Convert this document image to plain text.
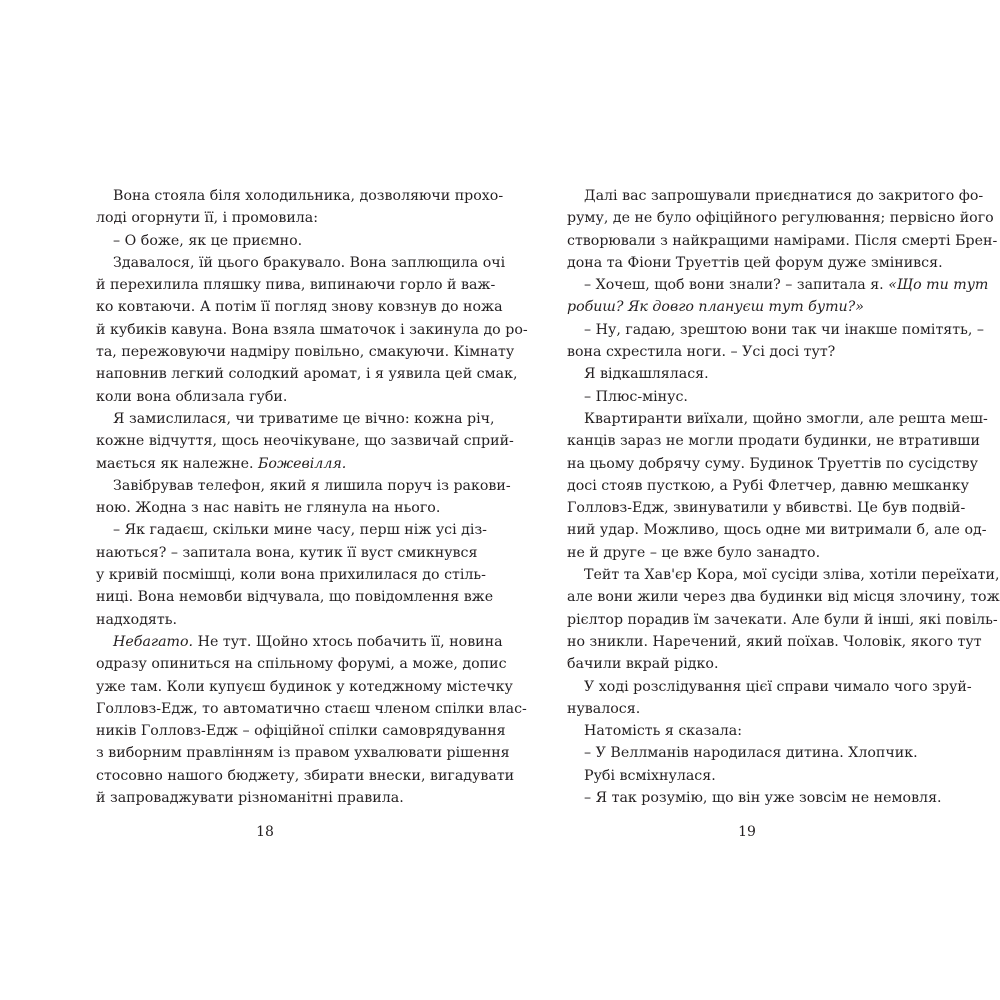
Вона стояла біля холодильника, дозволяючи прохо-
лоді огорнути її, і промовила:

– О боже, як це приємно.

Здавалося, їй цього бракувало. Вона заплющила очі
й перехилила пляшку пива, випинаючи горло й важ-
ко ковтаючи. А потім її погляд знову ковзнув до ножа
й кубиків кавуна. Вона взяла шматочок і закинула до ро-
та, пережовуючи надміру повільно, смакуючи. Кімнату
наповнив легкий солодкий аромат, і я уявила цей смак,
коли вона облизала губи.

Я замислилася, чи триватиме це вічно: кожна річ,
кожне відчуття, щось неочікуване, що зазвичай сприй-
мається як належне. Божевілля.

Завібрував телефон, який я лишила поруч із ракови-
ною. Жодна з нас навіть не глянула на нього.

– Як гадаєш, скільки мине часу, перш ніж усі діз-
наються? – запитала вона, кутик її вуст смикнувся
у кривій посмішці, коли вона прихилилася до стіль-
ниці. Вона немовби відчувала, що повідомлення вже
надходять.

Небагато. Не тут. Щойно хтось побачить її, новина
одразу опиниться на спільному форумі, а може, допис
уже там. Коли купуєш будинок у котеджному містечку
Голловз-Едж, то автоматично стаєш членом спілки влас-
ників Голловз-Едж – офіційної спілки самоврядування
з виборним правлінням із правом ухвалювати рішення
стосовно нашого бюджету, збирати внески, вигадувати
й запроваджувати різноманітні правила.

18

Далі вас запрошували приєднатися до закритого фо-
руму, де не було офіційного регулювання; первісно його
створювали з найкращими намірами. Після смерті Брен-
дона та Фіони Труеттів цей форум дуже змінився.

– Хочеш, щоб вони знали? – запитала я. «Що ти тут
робиш? Як довго плануєш тут бути?»

– Ну, гадаю, зрештою вони так чи інакше помітять, –
вона схрестила ноги. – Усі досі тут?

Я відкашлялася.

– Плюс-мінус.

Квартиранти виїхали, щойно змогли, але решта меш-
канців зараз не могли продати будинки, не втративши
на цьому добрячу суму. Будинок Труеттів по сусідству
досі стояв пусткою, а Рубі Флетчер, давню мешканку
Голловз-Едж, звинуватили у вбивстві. Це був подвій-
ний удар. Можливо, щось одне ми витримали б, але од-
не й друге – це вже було занадто.

Тейт та Хав'єр Кора, мої сусіди зліва, хотіли переїхати,
але вони жили через два будинки від місця злочину, тож
рієлтор порадив їм зачекати. Але були й інші, які повіль-
но зникли. Наречений, який поїхав. Чоловік, якого тут
бачили вкрай рідко.

У ході розслідування цієї справи чимало чого зруй-
нувалося.

Натомість я сказала:

– У Веллманів народилася дитина. Хлопчик.

Рубі всміхнулася.

– Я так розумію, що він уже зовсім не немовля.

19
